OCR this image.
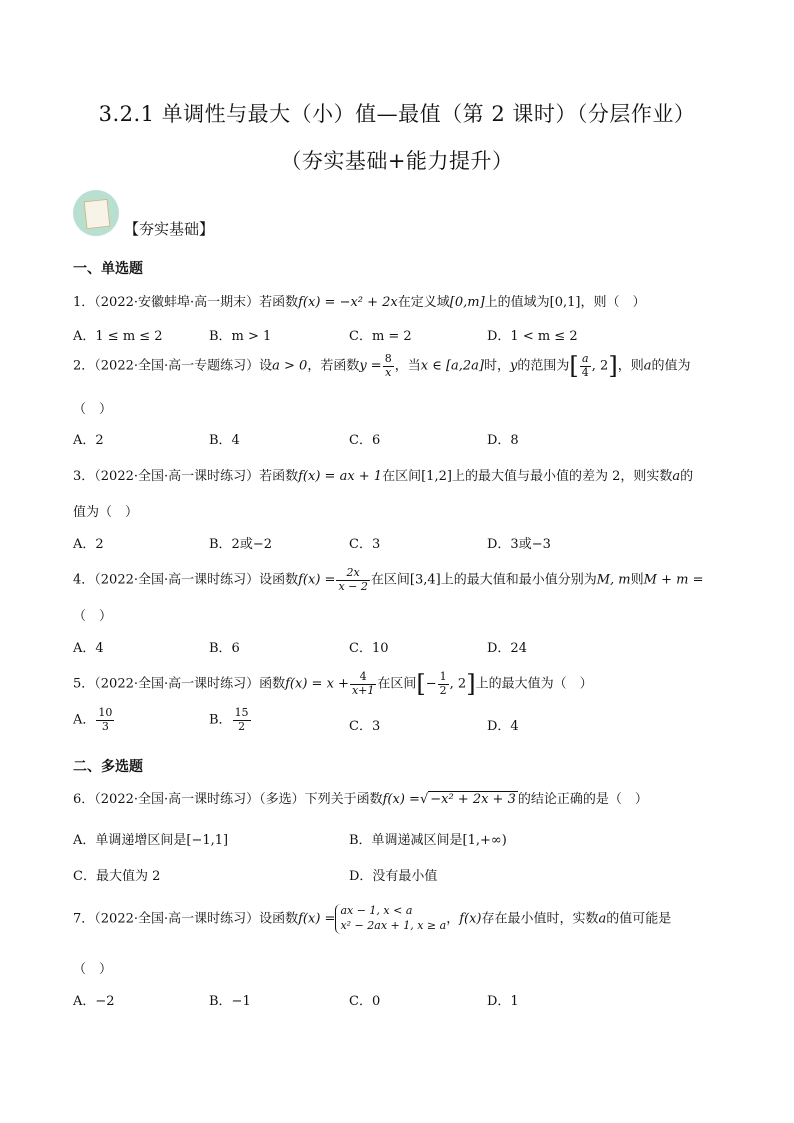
3.2.1 单调性与最大（小）值—最值（第 2 课时）（分层作业）
（夯实基础+能力提升）
【夯实基础】
一、单选题
1．（2022·安徽蚌埠·高一期末）若函数f(x) = −x² + 2x在定义域[0,m]上的值域为[0,1]，则（　）
A．1 ≤ m ≤ 2	B．m > 1	C．m = 2	D．1 < m ≤ 2
2．（2022·全国·高一专题练习）设a > 0，若函数$y = \frac{8}{x}$ ，当x ∈ [a,2a]时，y的范围为[ $\frac{a}{4}$ , 2]，则a的值为
（　）
A．2	B．4	C．6	D．8
3．（2022·全国·高一课时练习）若函数f(x) = ax + 1在区间[1,2]上的最大值与最小值的差为 2，则实数a的
值为（　）
A．2	B．2或−2	C．3	D．3或−3
4．（2022·全国·高一课时练习）设函数$f(x) = \frac{2x}{x - 2}$ 在区间[3,4]上的最大值和最小值分别为M, m则M + m =
（　）
A．4	B．6	C．10	D．24
5．（2022·全国·高一课时练习）函数$f(x) = x + \frac{4}{x+1}$ 在区间[− $\frac{1}{2}$ , 2]上的最大值为（　）
A． $\frac{10}{3}$	B． $\frac{15}{2}$	C．3	D．4
二、多选题
6．（2022·全国·高一课时练习）（多选）下列关于函数f(x) =√ −x² + 2x + 3 的结论正确的是（　）
A．单调递增区间是[−1,1]	B．单调递减区间是[1,+∞)
C．最大值为 2	D．没有最小值
7．（2022·全国·高一课时练习）设函数f(x) =
ax − 1, x < a
x² − 2ax + 1, x ≥ a ，f(x)存在最小值时，实数a的值可能是
（　）
A．−2	B．−1	C．0	D．1
